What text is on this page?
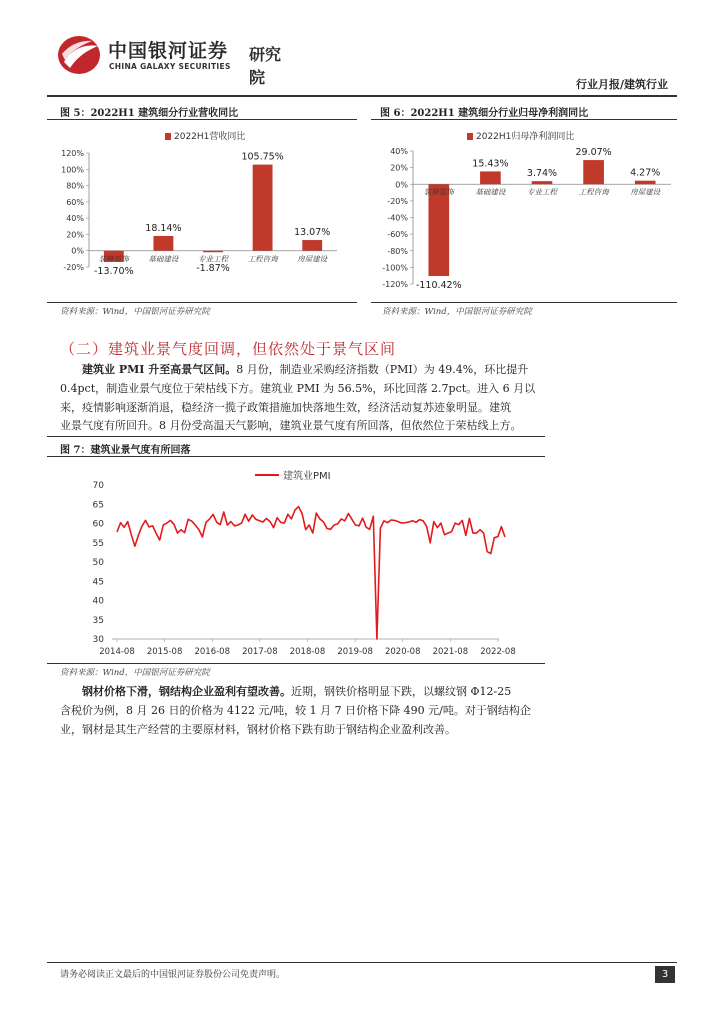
中国银河证券
CHINA GALAXY SECURITIES
研究院	行业月报/建筑行业
图 5：2022H1 建筑细分行业营收同比	图 6：2022H1 建筑细分行业归母净利润同比
120%
100%
80%
60%
40%
20%
0%
-20%
2022H1营收同比
装修装饰
-13.70%
基础建设
18.14%
专业工程
-1.87%
工程咨询
105.75%
房屋建设
13.07%
40%
20%
0%
-20%
-40%
-60%
-80%
-100%
-120%
2022H1归母净利润同比
装修装饰
-110.42%
基础建设
15.43%
专业工程
3.74%
工程咨询
29.07%
房屋建设
4.27%
资料来源：Wind，中国银河证券研究院	资料来源：Wind，中国银河证券研究院
（二）建筑业景气度回调，但依然处于景气区间
建筑业 PMI 升至高景气区间。8 月份，制造业采购经济指数（PMI）为 49.4%，环比提升
0.4pct，制造业景气度位于荣枯线下方。建筑业 PMI 为 56.5%，环比回落 2.7pct。进入 6 月以
来，疫情影响逐渐消退，稳经济一揽子政策措施加快落地生效，经济活动复苏迹象明显。建筑
业景气度有所回升。8 月份受高温天气影响，建筑业景气度有所回落，但依然位于荣枯线上方。
图 7：建筑业景气度有所回落
30
35
40
45
50
55
60
65
70
2014-08 2015-08 2016-08 2017-08 2018-08 2019-08 2020-08 2021-08 2022-08
建筑业PMI
资料来源：Wind，中国银河证券研究院
钢材价格下滑，钢结构企业盈利有望改善。近期，钢铁价格明显下跌，以螺纹钢 Φ12-25
含税价为例，8 月 26 日的价格为 4122 元/吨，较 1 月 7 日价格下降 490 元/吨。对于钢结构企
业，钢材是其生产经营的主要原材料，钢材价格下跌有助于钢结构企业盈利改善。
请务必阅读正文最后的中国银河证券股份公司免责声明。	3
